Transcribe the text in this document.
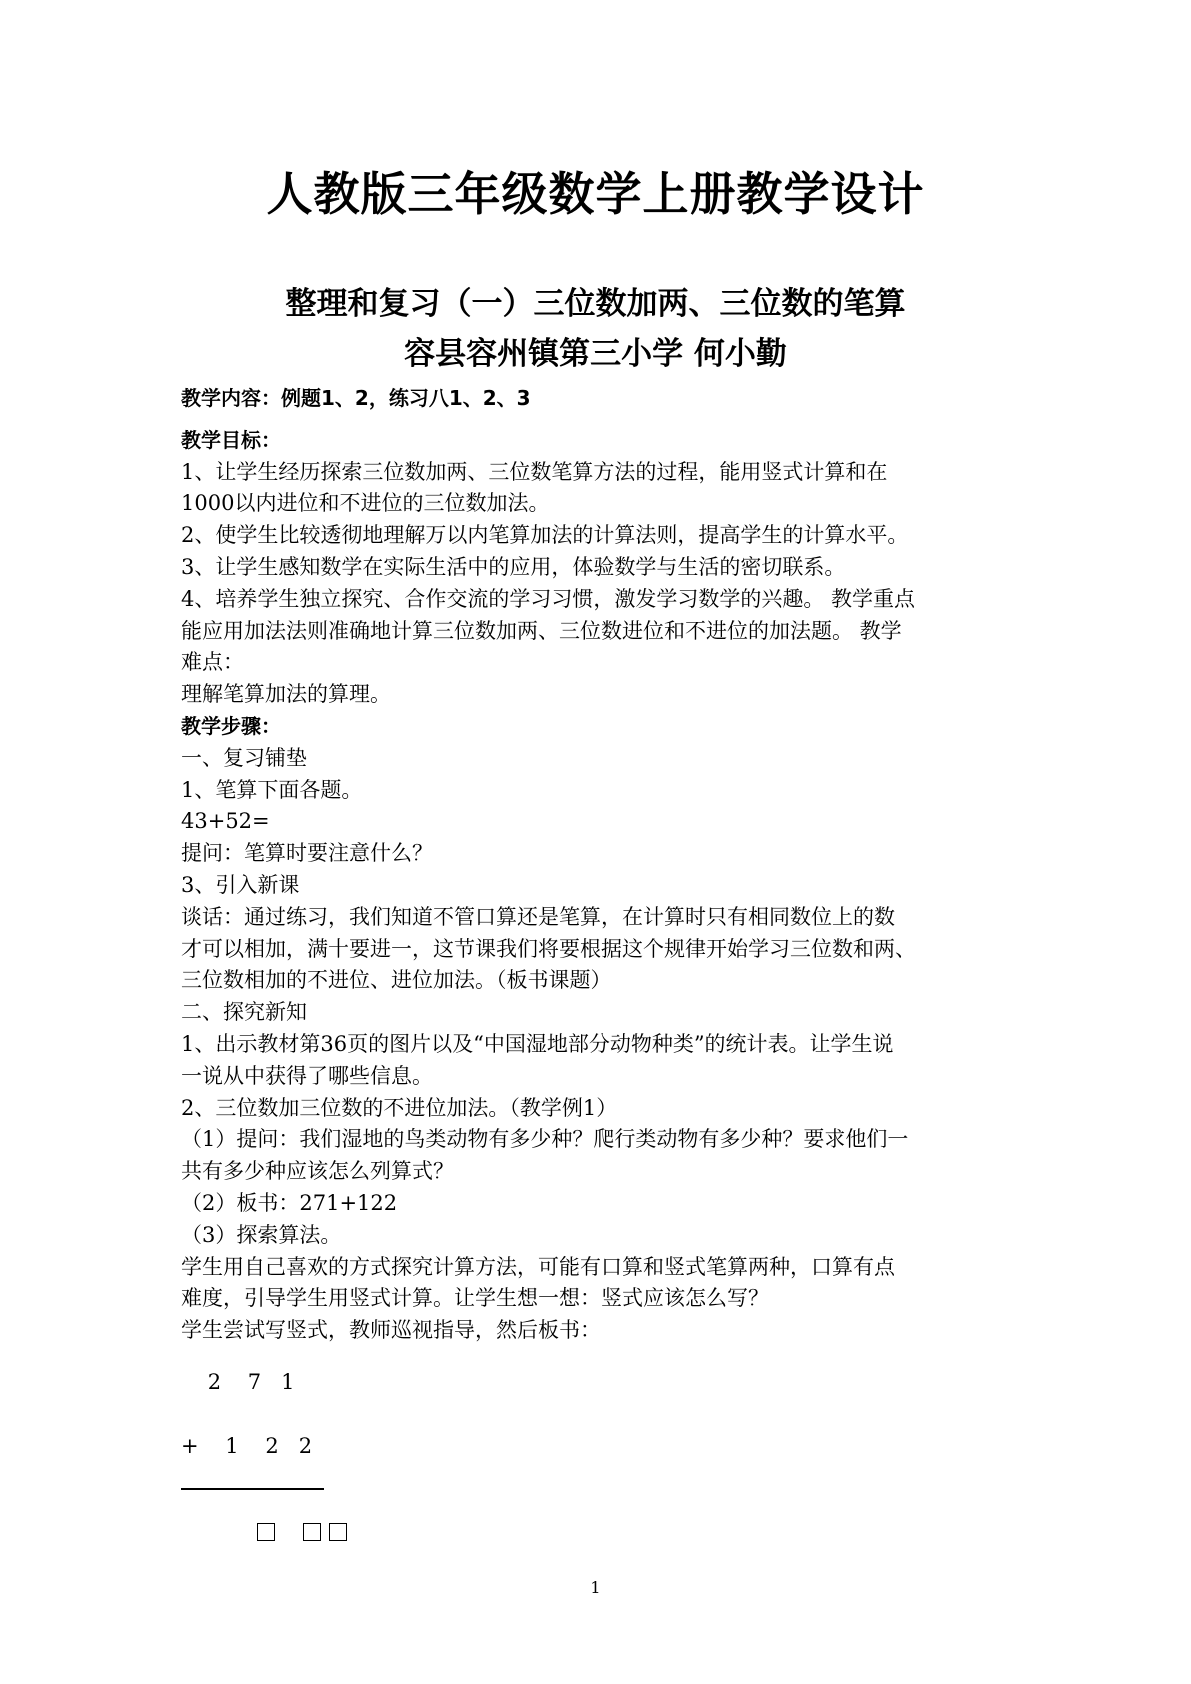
人教版三年级数学上册教学设计
整理和复习（一）三位数加两、三位数的笔算
容县容州镇第三小学 何小勤
教学内容：例题1、2，练习八1、2、3
教学目标：
1、让学生经历探索三位数加两、三位数笔算方法的过程，能用竖式计算和在
1000以内进位和不进位的三位数加法。
2、使学生比较透彻地理解万以内笔算加法的计算法则，提高学生的计算水平。
3、让学生感知数学在实际生活中的应用，体验数学与生活的密切联系。
4、培养学生独立探究、合作交流的学习习惯，激发学习数学的兴趣。 教学重点
能应用加法法则准确地计算三位数加两、三位数进位和不进位的加法题。 教学
难点：
理解笔算加法的算理。
教学步骤：
一、复习铺垫
1、笔算下面各题。
43+52=
提问：笔算时要注意什么？
3、引入新课
谈话：通过练习，我们知道不管口算还是笔算，在计算时只有相同数位上的数
才可以相加，满十要进一，这节课我们将要根据这个规律开始学习三位数和两、
三位数相加的不进位、进位加法。（板书课题）
二、探究新知
1、出示教材第36页的图片以及“中国湿地部分动物种类”的统计表。让学生说
一说从中获得了哪些信息。
2、三位数加三位数的不进位加法。（教学例1）
（1）提问：我们湿地的鸟类动物有多少种？爬行类动物有多少种？要求他们一
共有多少种应该怎么列算式？
（2）板书：271+122
（3）探索算法。
学生用自己喜欢的方式探究计算方法，可能有口算和竖式笔算两种，口算有点
难度，引导学生用竖式计算。让学生想一想：竖式应该怎么写？
学生尝试写竖式，教师巡视指导，然后板书：
2    7   1
+    1    2   2

1
